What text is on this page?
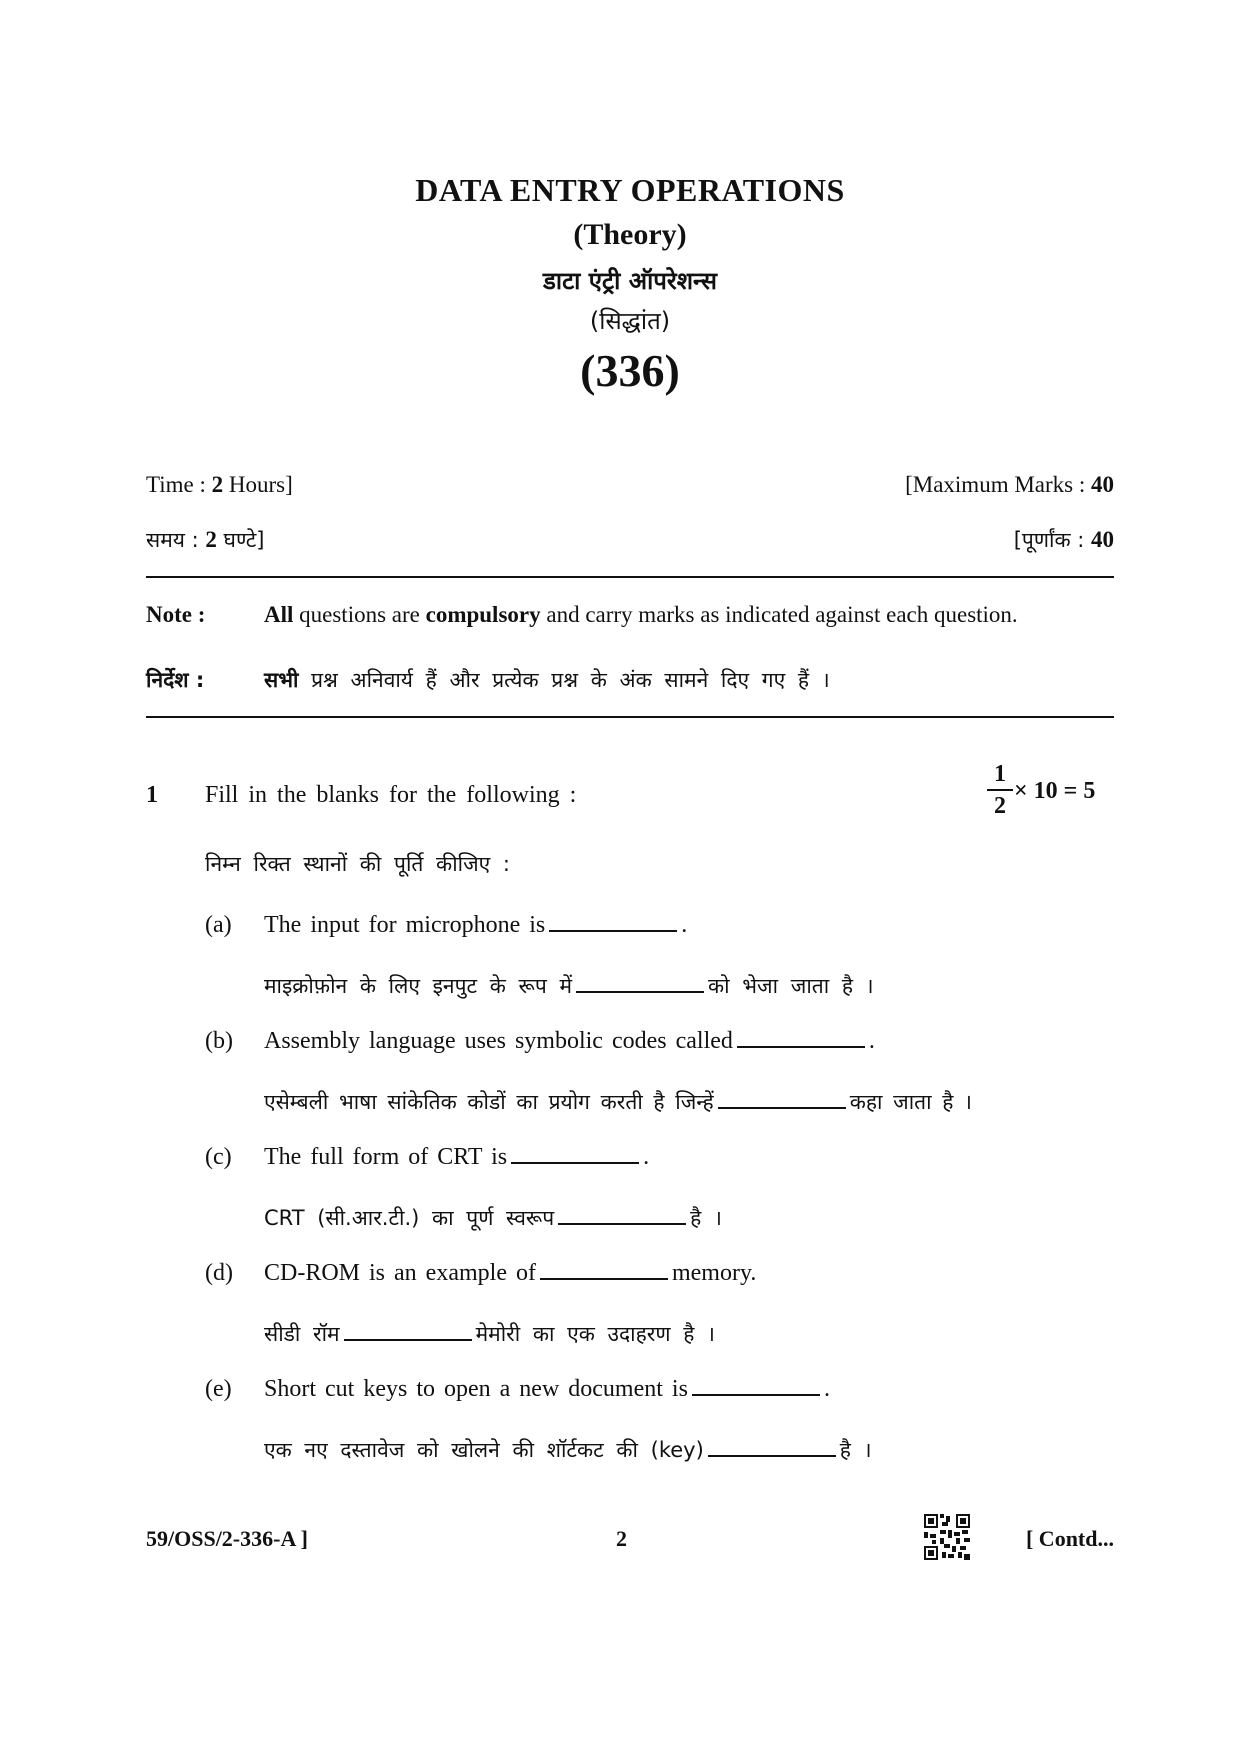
DATA ENTRY OPERATIONS
(Theory)
डाटा एंट्री ऑपरेशन्स
(सिद्धांत)
(336)
Time : 2 Hours]	[Maximum Marks : 40
समय : 2 घण्टे]	[पूर्णांक : 40
Note :	All questions are compulsory and carry marks as indicated against each question.
निर्देश :	सभी प्रश्न अनिवार्य हैं और प्रत्येक प्रश्न के अंक सामने दिए गए हैं ।
1 Fill in the blanks for the following :
1
2
× 10 = 5
निम्न रिक्त स्थानों की पूर्ति कीजिए :
(a) The input for microphone is	.
माइक्रोफ़ोन के लिए इनपुट के रूप में	को भेजा जाता है ।
(b) Assembly language uses symbolic codes called	.
एसेम्बली भाषा सांकेतिक कोडों का प्रयोग करती है जिन्हें	कहा जाता है ।
(c) The full form of CRT is	.
CRT (सी.आर.टी.) का पूर्ण स्वरूप	है ।
(d) CD-ROM is an example of	memory.
सीडी रॉम	मेमोरी का एक उदाहरण है ।
(e) Short cut keys to open a new document is	.
एक नए दस्तावेज को खोलने की शॉर्टकट की (key)	है ।
59/OSS/2-336-A ]	2	[ Contd...
